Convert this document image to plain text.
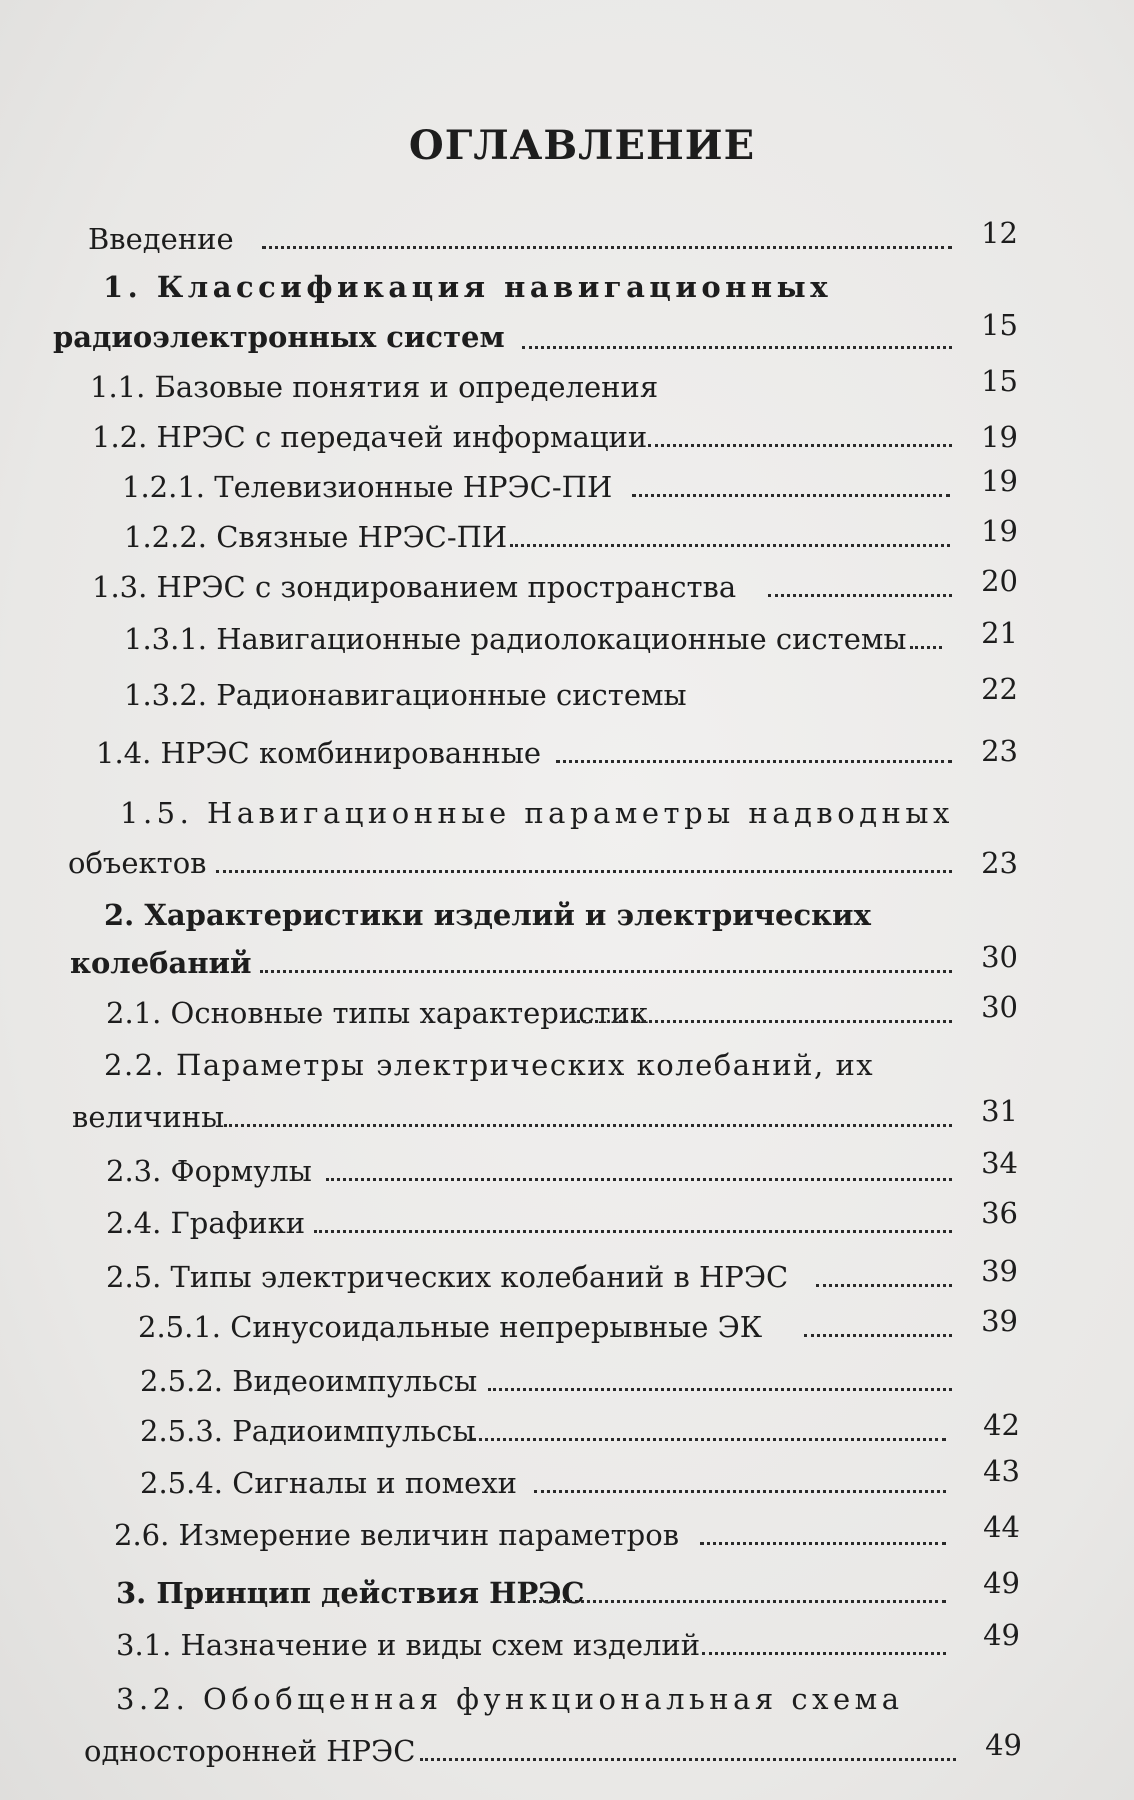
ОГЛАВЛЕНИЕ
Введение	12
1. Классификация навигационных
радиоэлектронных систем	15
1.1. Базовые понятия и определения	15
1.2. НРЭС с передачей информации	19
1.2.1. Телевизионные НРЭС-ПИ	19
1.2.2. Связные НРЭС-ПИ	19
1.3. НРЭС с зондированием пространства	20
1.3.1. Навигационные радиолокационные системы	21
1.3.2. Радионавигационные системы	22
1.4. НРЭС комбинированные	23
1.5. Навигационные параметры надводных
объектов	23
2. Характеристики изделий и электрических
колебаний	30
2.1. Основные типы характеристик	30
2.2. Параметры электрических колебаний, их
величины	31
2.3. Формулы	34
2.4. Графики	36
2.5. Типы электрических колебаний в НРЭС	39
2.5.1. Синусоидальные непрерывные ЭК	39
2.5.2. Видеоимпульсы
2.5.3. Радиоимпульсы	42
2.5.4. Сигналы и помехи	43
2.6. Измерение величин параметров	44
3. Принцип действия НРЭС	49
3.1. Назначение и виды схем изделий	49
3.2. Обобщенная функциональная схема
односторонней НРЭС	49
